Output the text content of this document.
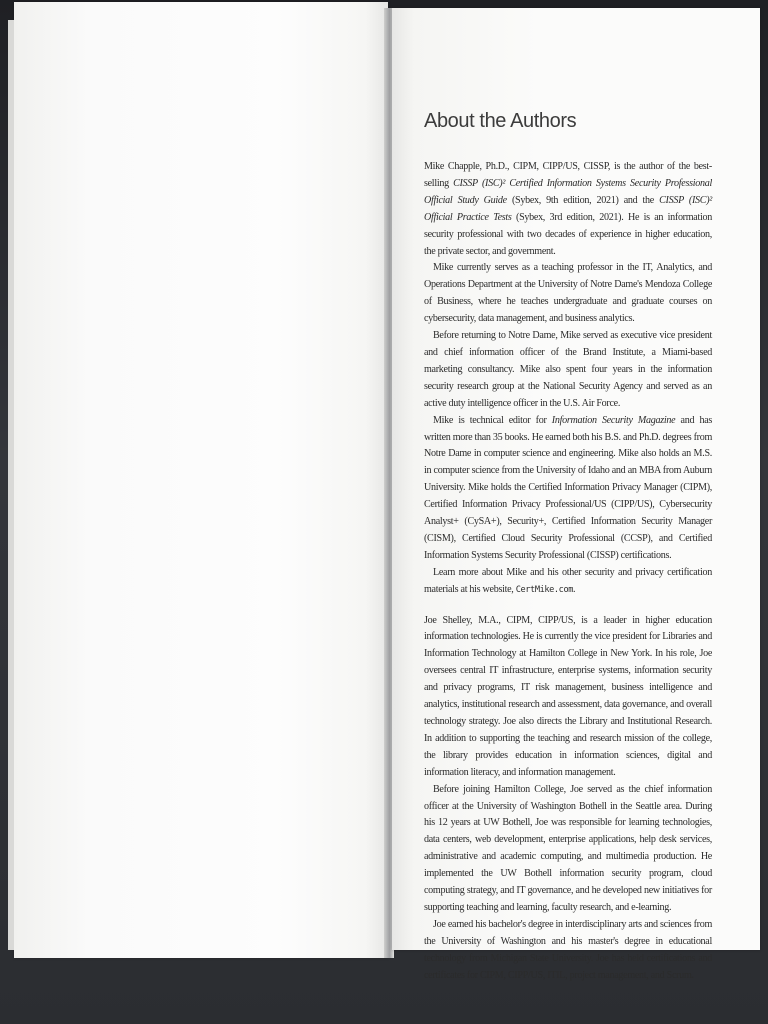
About the Authors

Mike Chapple, Ph.D., CIPM, CIPP/US, CISSP, is the author of the best-selling CISSP (ISC)² Certified Information Systems Security Professional Official Study Guide (Sybex, 9th edition, 2021) and the CISSP (ISC)² Official Practice Tests (Sybex, 3rd edition, 2021). He is an information security professional with two decades of experience in higher education, the private sector, and government.

Mike currently serves as a teaching professor in the IT, Analytics, and Operations Department at the University of Notre Dame's Mendoza College of Business, where he teaches undergraduate and graduate courses on cybersecurity, data management, and business analytics.

Before returning to Notre Dame, Mike served as executive vice president and chief information officer of the Brand Institute, a Miami-based marketing consultancy. Mike also spent four years in the information security research group at the National Security Agency and served as an active duty intelligence officer in the U.S. Air Force.

Mike is technical editor for Information Security Magazine and has written more than 35 books. He earned both his B.S. and Ph.D. degrees from Notre Dame in computer science and engineering. Mike also holds an M.S. in computer science from the University of Idaho and an MBA from Auburn University. Mike holds the Certified Information Privacy Manager (CIPM), Certified Information Privacy Professional/US (CIPP/US), Cybersecurity Analyst+ (CySA+), Security+, Certified Information Security Manager (CISM), Certified Cloud Security Professional (CCSP), and Certified Information Systems Security Professional (CISSP) certifications.

Learn more about Mike and his other security and privacy certification materials at his website, CertMike.com.

Joe Shelley, M.A., CIPM, CIPP/US, is a leader in higher education information technologies. He is currently the vice president for Libraries and Information Technology at Hamilton College in New York. In his role, Joe oversees central IT infrastructure, enterprise systems, information security and privacy programs, IT risk management, business intelligence and analytics, institutional research and assessment, data governance, and overall technology strategy. Joe also directs the Library and Institutional Research. In addition to supporting the teaching and research mission of the college, the library provides education in information sciences, digital and information literacy, and information management.

Before joining Hamilton College, Joe served as the chief information officer at the University of Washington Bothell in the Seattle area. During his 12 years at UW Bothell, Joe was responsible for learning technologies, data centers, web development, enterprise applications, help desk services, administrative and academic computing, and multimedia production. He implemented the UW Bothell information security program, cloud computing strategy, and IT governance, and he developed new initiatives for supporting teaching and learning, faculty research, and e-learning.

Joe earned his bachelor's degree in interdisciplinary arts and sciences from the University of Washington and his master's degree in educational technology from Michigan State University. Joe has held certifications and certificates for CIPM, CIPP/US, ITIL, project management, and Scrum.
